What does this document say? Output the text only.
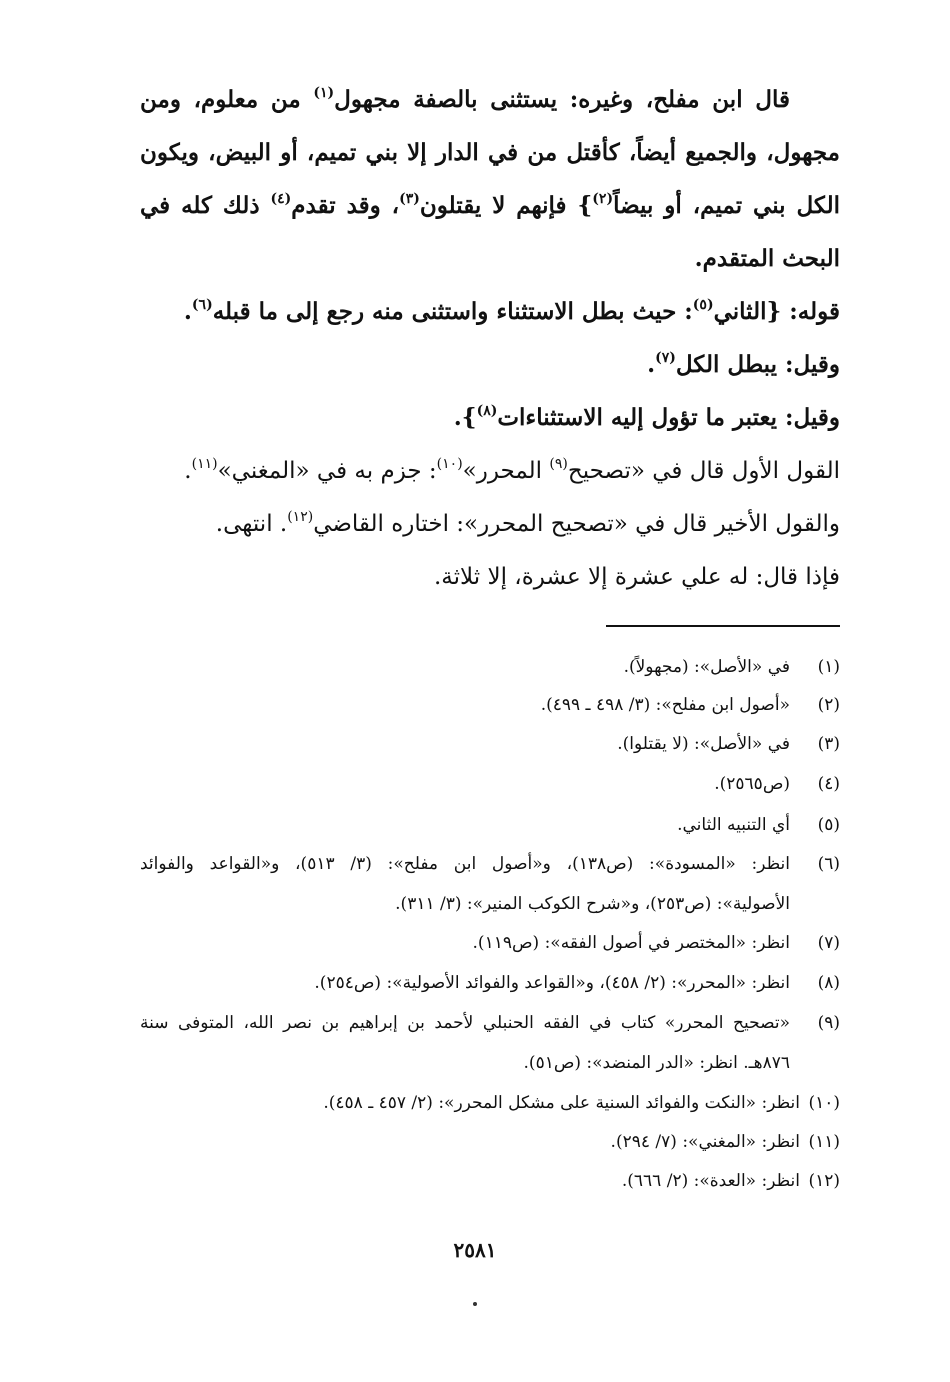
قال ابن مفلح، وغيره: يستثنى بالصفة مجهول$^{(١)}$ من معلوم، ومن
مجهول، والجميع أيضاً، كأقتل من في الدار إلا بني تميم، أو البيض، ويكون
الكل بني تميم، أو بيضاً$^{(٢)}$} فإنهم لا يقتلون$^{(٣)}$، وقد تقدم$^{(٤)}$ ذلك كله في
البحث المتقدم.
قوله: {الثاني$^{(٥)}$: حيث بطل الاستثناء واستثنى منه رجع إلى ما قبله$^{(٦)}$.
وقيل: يبطل الكل$^{(٧)}$.
وقيل: يعتبر ما تؤول إليه الاستثناءات$^{(٨)}$}.
القول الأول قال في «تصحيح$^{(٩)}$ المحرر»$^{(١٠)}$: جزم به في «المغني»$^{(١١)}$.
والقول الأخير قال في «تصحيح المحرر»: اختاره القاضي$^{(١٢)}$. انتهى.
فإذا قال: له علي عشرة إلا عشرة، إلا ثلاثة.
(١)
في «الأصل»: (مجهولاً).
(٢)
«أصول ابن مفلح»: (٣/ ٤٩٨ ـ ٤٩٩).
(٣)
في «الأصل»: (لا يقتلوا).
(٤)
(ص٢٥٦٥).
(٥)
أي التنبيه الثاني.
(٦)
انظر: «المسودة»: (ص١٣٨)، و«أصول ابن مفلح»: (٣/ ٥١٣)، و«القواعد والفوائد
الأصولية»: (ص٢٥٣)، و«شرح الكوكب المنير»: (٣/ ٣١١).
(٧)
انظر: «المختصر في أصول الفقه»: (ص١١٩).
(٨)
انظر: «المحرر»: (٢/ ٤٥٨)، و«القواعد والفوائد الأصولية»: (ص٢٥٤).
(٩)
«تصحيح المحرر» كتاب في الفقه الحنبلي لأحمد بن إبراهيم بن نصر الله، المتوفى سنة
٨٧٦هـ. انظر: «الدر المنضد»: (ص٥١).
(١٠)
انظر: «النكت والفوائد السنية على مشكل المحرر»: (٢/ ٤٥٧ ـ ٤٥٨).
(١١)
انظر: «المغني»: (٧/ ٢٩٤).
(١٢)
انظر: «العدة»: (٢/ ٦٦٦).
٢٥٨١
